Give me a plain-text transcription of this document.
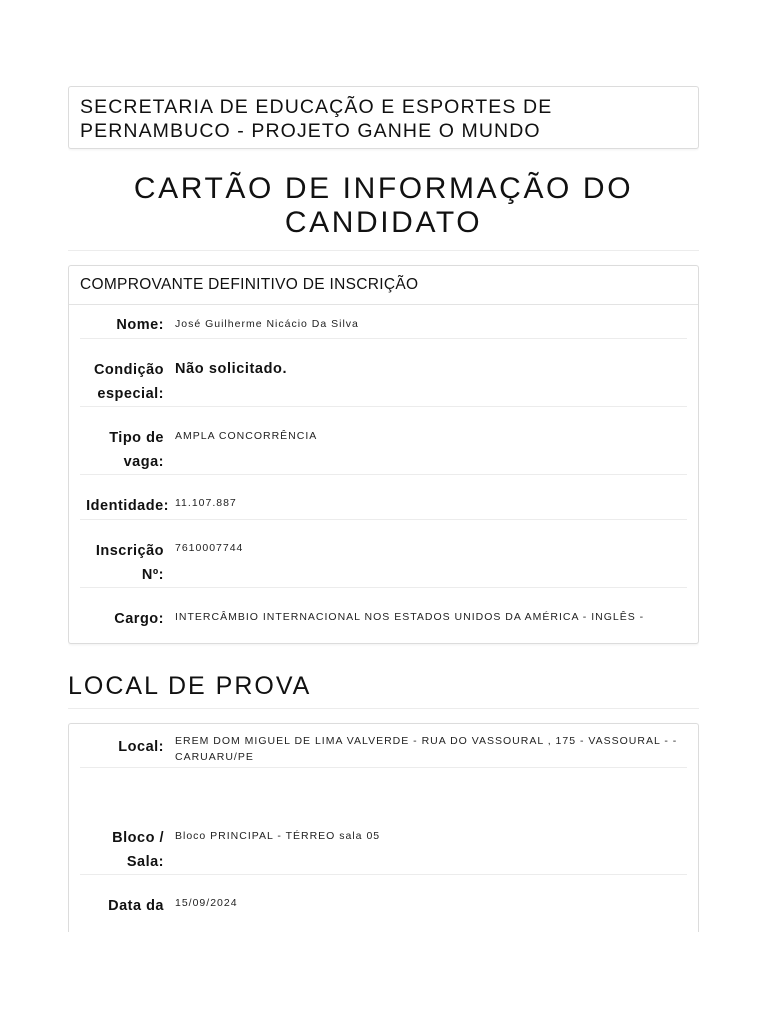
SECRETARIA DE EDUCAÇÃO E ESPORTES DE PERNAMBUCO - PROJETO GANHE O MUNDO
CARTÃO DE INFORMAÇÃO DO CANDIDATO
COMPROVANTE DEFINITIVO DE INSCRIÇÃO
Nome:	José Guilherme Nicácio Da Silva
Condição especial:
Não solicitado.
Tipo de vaga:
AMPLA CONCORRÊNCIA
Identidade: 11.107.887
Inscrição Nº:
7610007744
Cargo:	INTERCÂMBIO INTERNACIONAL NOS ESTADOS UNIDOS DA AMÉRICA - INGLÊS -
LOCAL DE PROVA
Local:	EREM DOM MIGUEL DE LIMA VALVERDE - RUA DO VASSOURAL , 175 - VASSOURAL - - CARUARU/PE
Bloco / Sala:
Bloco PRINCIPAL - TÉRREO sala 05
Data da	15/09/2024
